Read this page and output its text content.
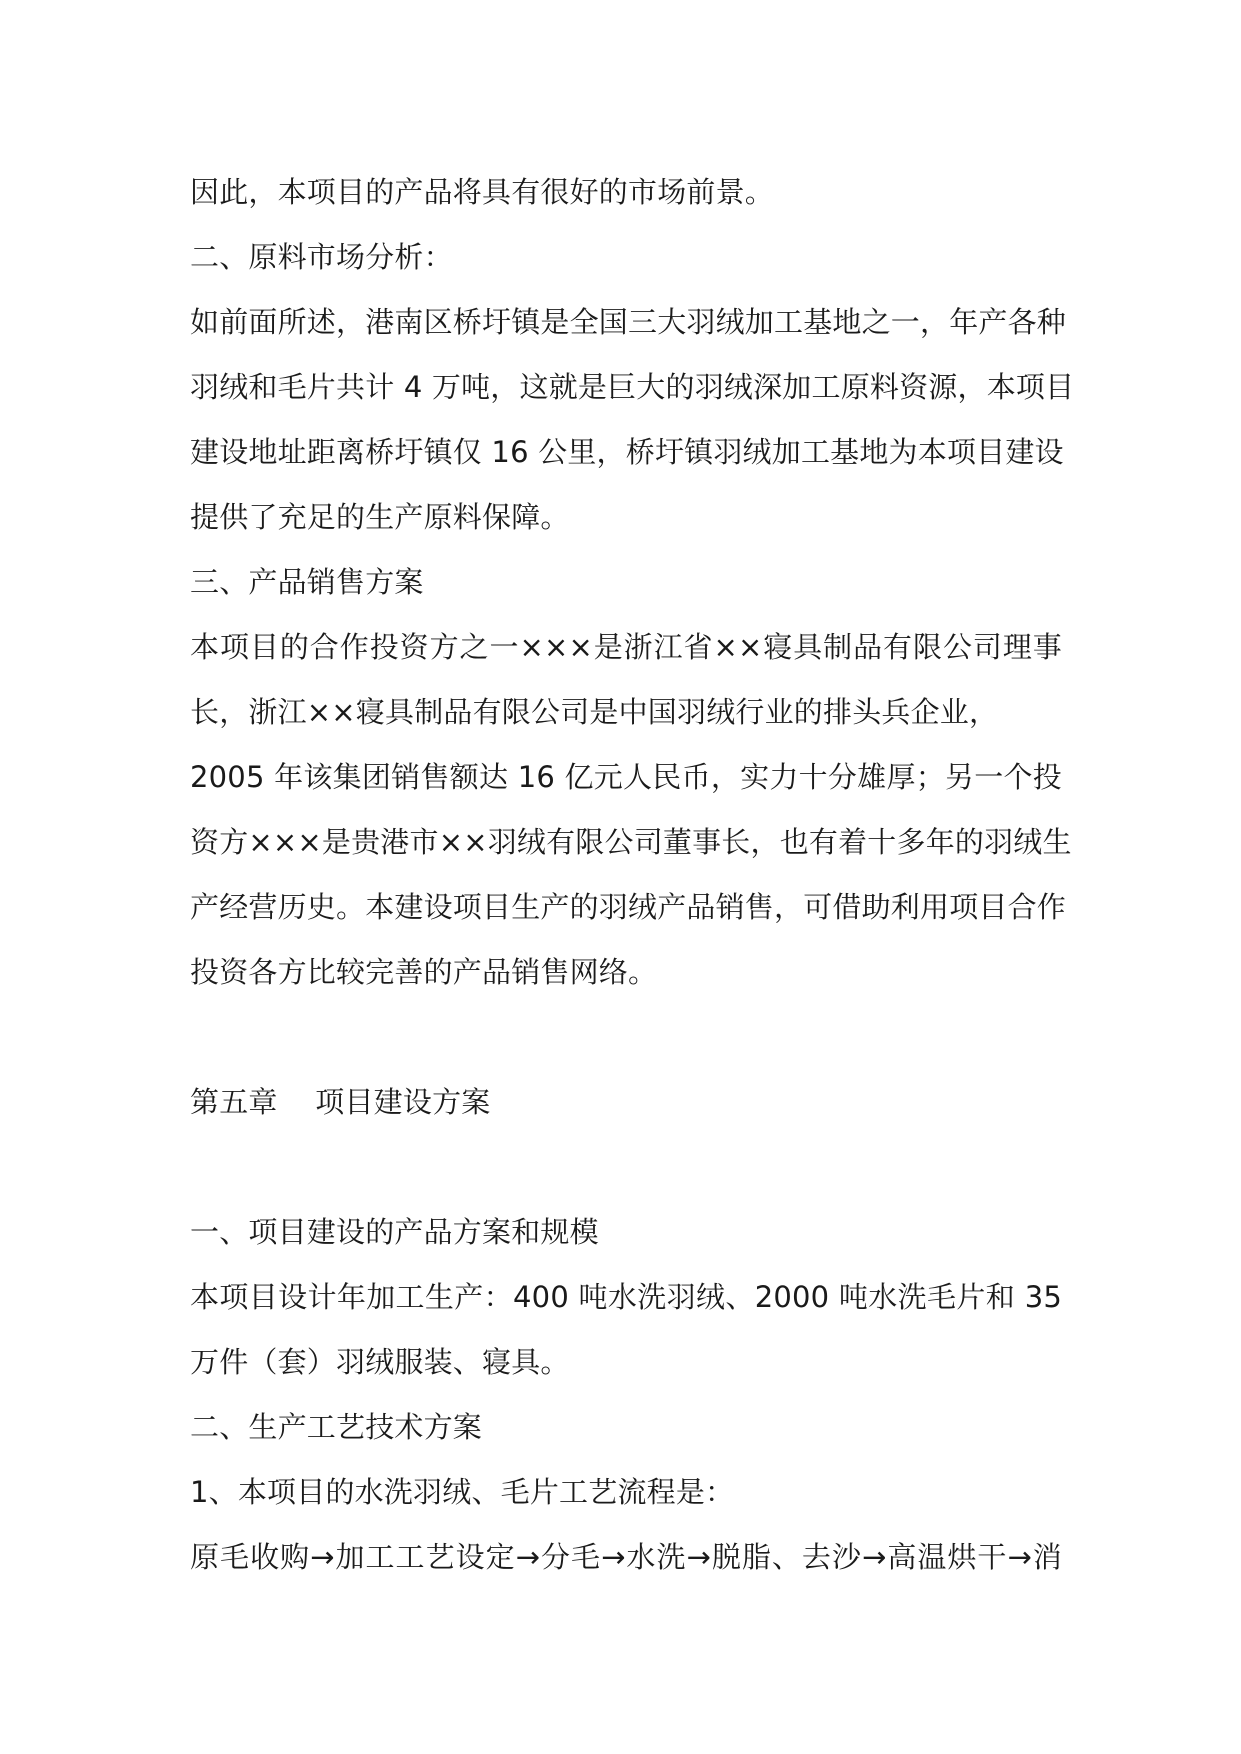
因此，本项目的产品将具有很好的市场前景。
二、原料市场分析：
如前面所述，港南区桥圩镇是全国三大羽绒加工基地之一，年产各种
羽绒和毛片共计 4 万吨，这就是巨大的羽绒深加工原料资源，本项目
建设地址距离桥圩镇仅 16 公里，桥圩镇羽绒加工基地为本项目建设
提供了充足的生产原料保障。
三、产品销售方案
本项目的合作投资方之一×××是浙江省××寝具制品有限公司理事
长，浙江××寝具制品有限公司是中国羽绒行业的排头兵企业，
2005 年该集团销售额达 16 亿元人民币，实力十分雄厚；另一个投
资方×××是贵港市××羽绒有限公司董事长，也有着十多年的羽绒生
产经营历史。本建设项目生产的羽绒产品销售，可借助利用项目合作
投资各方比较完善的产品销售网络。
第五章    项目建设方案
一、项目建设的产品方案和规模
本项目设计年加工生产：400 吨水洗羽绒、2000 吨水洗毛片和 35
万件（套）羽绒服装、寝具。
二、生产工艺技术方案
1、本项目的水洗羽绒、毛片工艺流程是：
原毛收购→加工工艺设定→分毛→水洗→脱脂、去沙→高温烘干→消
